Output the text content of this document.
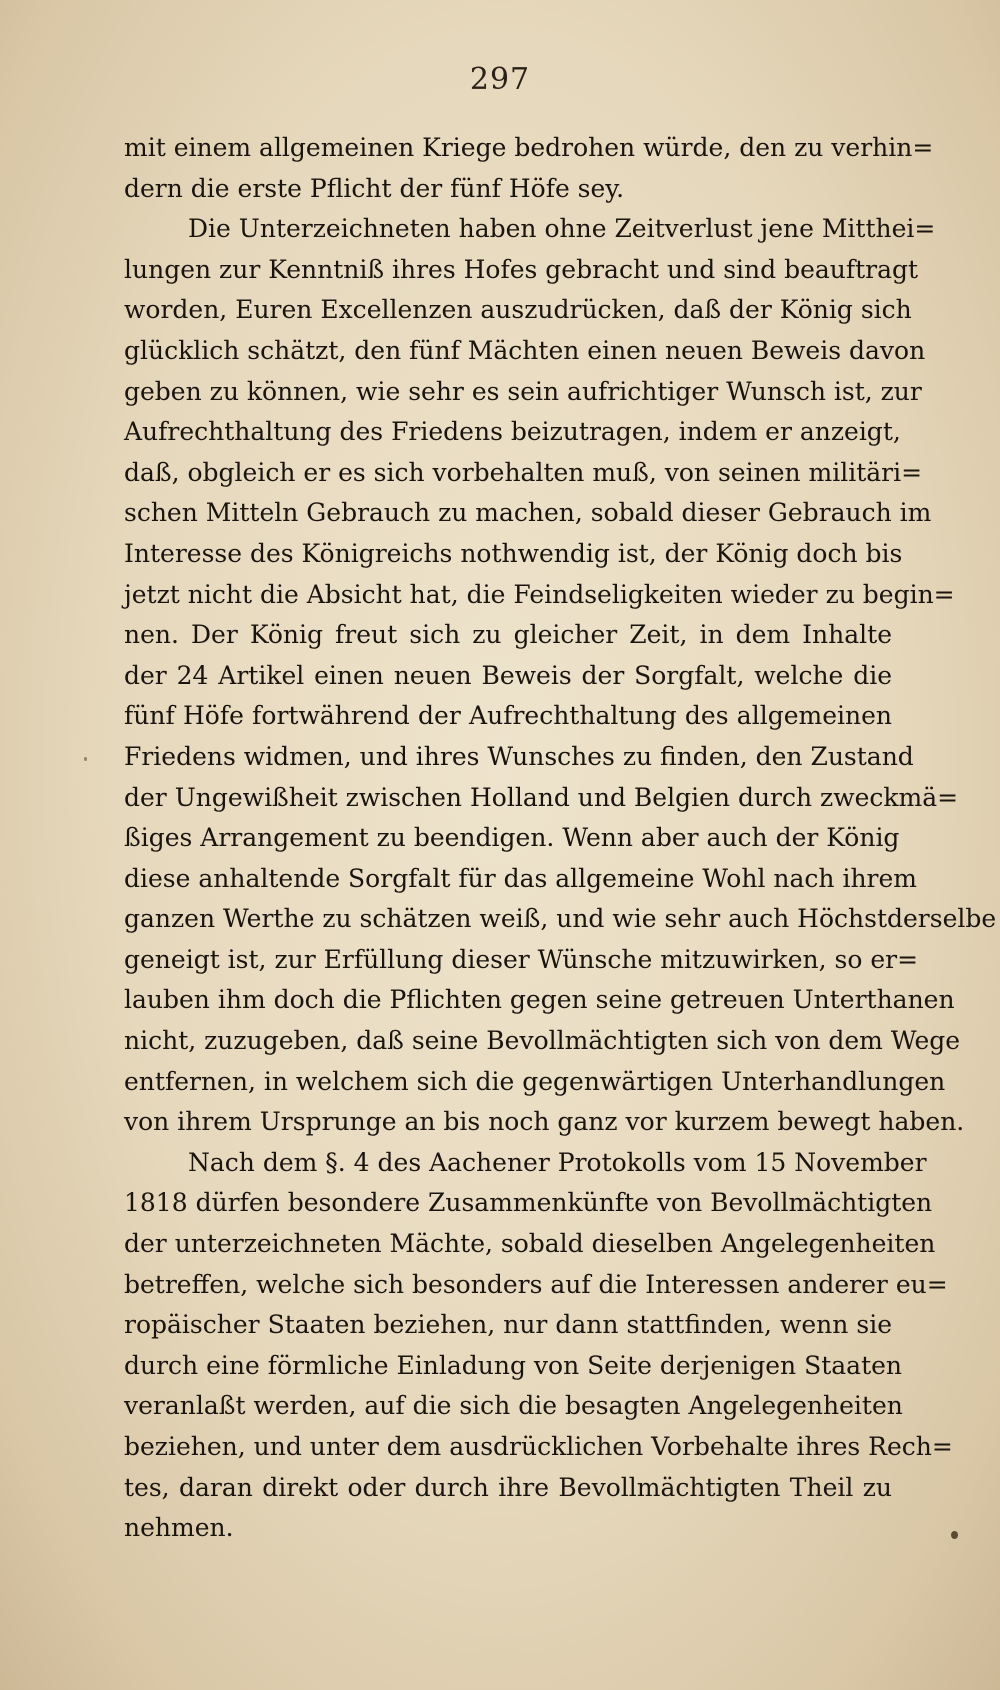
297
mit einem allgemeinen Kriege bedrohen würde, den zu verhin=
dern die erste Pflicht der fünf Höfe sey.
Die Unterzeichneten haben ohne Zeitverlust jene Mitthei=
lungen zur Kenntniß ihres Hofes gebracht und sind beauftragt
worden, Euren Excellenzen auszudrücken, daß der König sich
glücklich schätzt, den fünf Mächten einen neuen Beweis davon
geben zu können, wie sehr es sein aufrichtiger Wunsch ist, zur
Aufrechthaltung des Friedens beizutragen, indem er anzeigt,
daß, obgleich er es sich vorbehalten muß, von seinen militäri=
schen Mitteln Gebrauch zu machen, sobald dieser Gebrauch im
Interesse des Königreichs nothwendig ist, der König doch bis
jetzt nicht die Absicht hat, die Feindseligkeiten wieder zu begin=
nen. Der König freut sich zu gleicher Zeit, in dem Inhalte
der 24 Artikel einen neuen Beweis der Sorgfalt, welche die
fünf Höfe fortwährend der Aufrechthaltung des allgemeinen
Friedens widmen, und ihres Wunsches zu finden, den Zustand
der Ungewißheit zwischen Holland und Belgien durch zweckmä=
ßiges Arrangement zu beendigen. Wenn aber auch der König
diese anhaltende Sorgfalt für das allgemeine Wohl nach ihrem
ganzen Werthe zu schätzen weiß, und wie sehr auch Höchstderselbe
geneigt ist, zur Erfüllung dieser Wünsche mitzuwirken, so er=
lauben ihm doch die Pflichten gegen seine getreuen Unterthanen
nicht, zuzugeben, daß seine Bevollmächtigten sich von dem Wege
entfernen, in welchem sich die gegenwärtigen Unterhandlungen
von ihrem Ursprunge an bis noch ganz vor kurzem bewegt haben.
Nach dem §. 4 des Aachener Protokolls vom 15 November
1818 dürfen besondere Zusammenkünfte von Bevollmächtigten
der unterzeichneten Mächte, sobald dieselben Angelegenheiten
betreffen, welche sich besonders auf die Interessen anderer eu=
ropäischer Staaten beziehen, nur dann stattfinden, wenn sie
durch eine förmliche Einladung von Seite derjenigen Staaten
veranlaßt werden, auf die sich die besagten Angelegenheiten
beziehen, und unter dem ausdrücklichen Vorbehalte ihres Rech=
tes, daran direkt oder durch ihre Bevollmächtigten Theil zu
nehmen.
